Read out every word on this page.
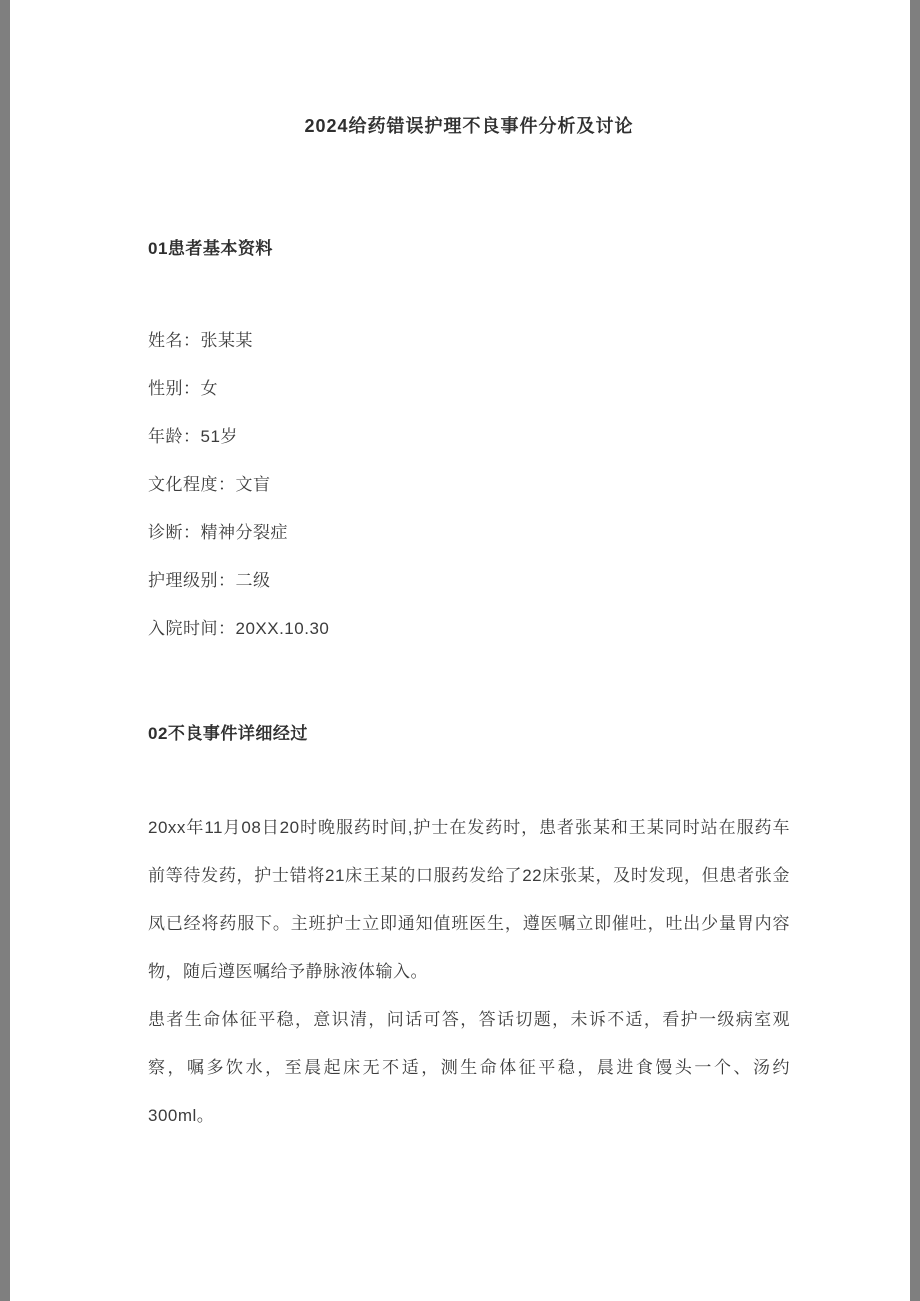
2024给药错误护理不良事件分析及讨论
01患者基本资料
姓名：张某某
性别：女
年龄：51岁
文化程度：文盲
诊断：精神分裂症
护理级别：二级
入院时间：20XX.10.30
02不良事件详细经过

20xx年11月08日20时晚服药时间,护士在发药时，患者张某和王某同时站在服药车前等待发药，护士错将21床王某的口服药发给了22床张某，及时发现，但患者张金凤已经将药服下。主班护士立即通知值班医生，遵医嘱立即催吐，吐出少量胃内容物，随后遵医嘱给予静脉液体输入。

患者生命体征平稳，意识清，问话可答，答话切题，未诉不适，看护一级病室观察，嘱多饮水，至晨起床无不适，测生命体征平稳，晨进食馒头一个、汤约300ml。
